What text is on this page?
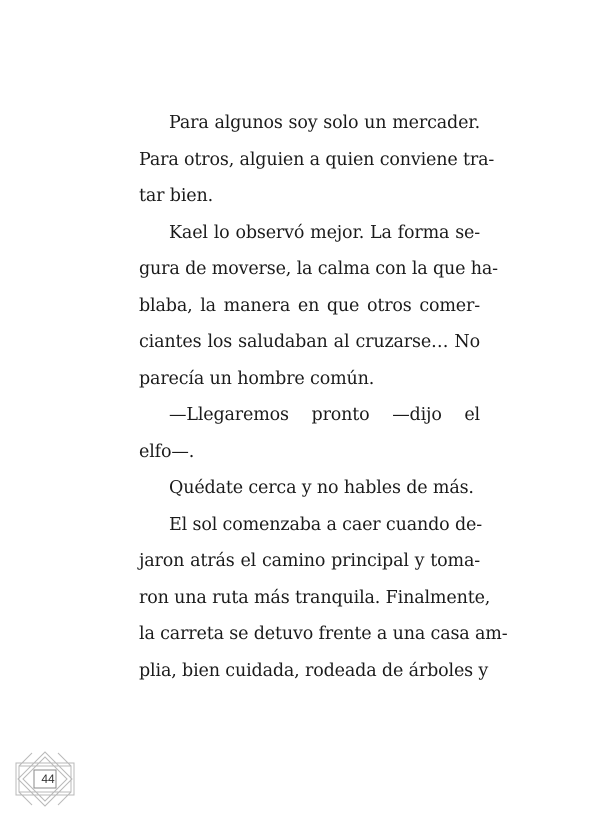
Para algunos soy solo un mercader.
Para otros, alguien a quien conviene tra-
tar bien.
Kael lo observó mejor. La forma se-
gura de moverse, la calma con la que ha-
blaba, la manera en que otros comer-
ciantes los saludaban al cruzarse… No
parecía un hombre común.
—Llegaremos pronto —dijo el
elfo—.
Quédate cerca y no hables de más.
El sol comenzaba a caer cuando de-
jaron atrás el camino principal y toma-
ron una ruta más tranquila. Finalmente,
la carreta se detuvo frente a una casa am-
plia, bien cuidada, rodeada de árboles y
44
